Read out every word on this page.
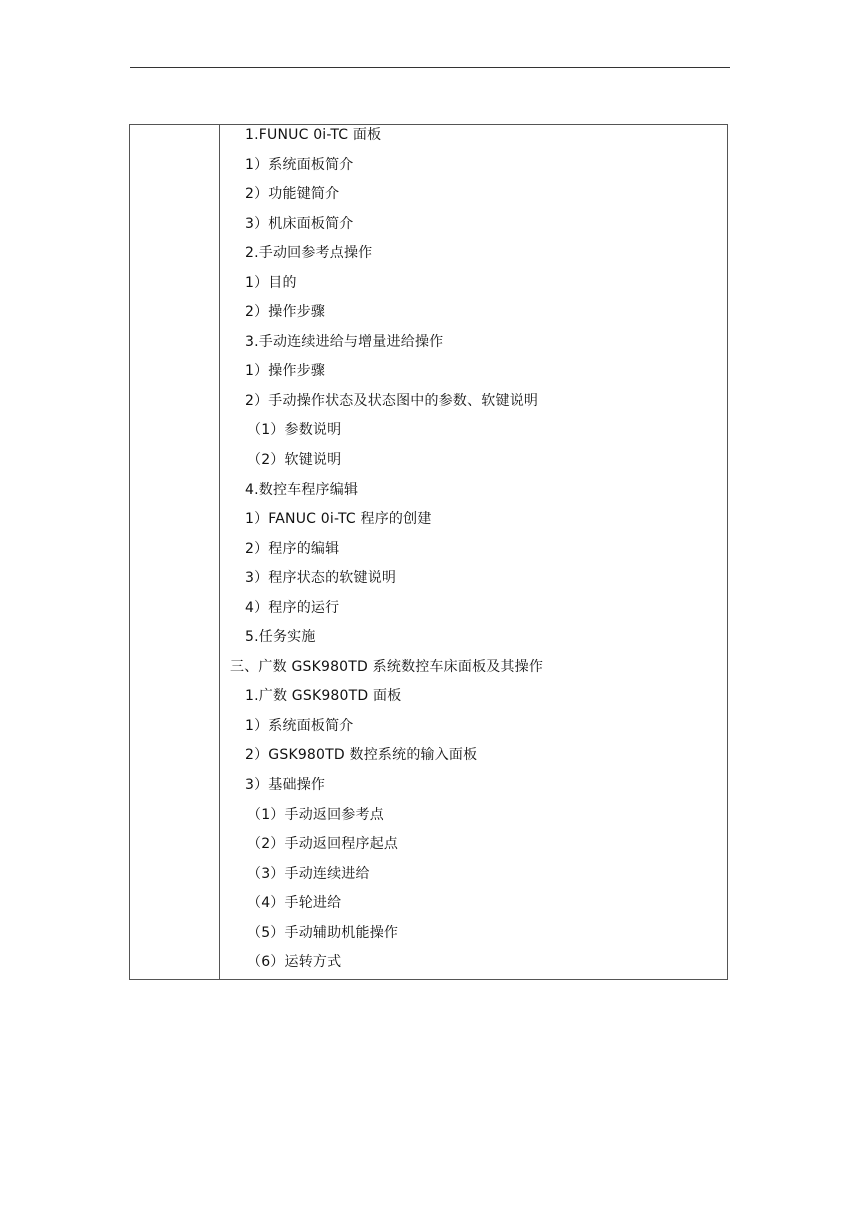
1.FUNUC 0i-TC 面板
1）系统面板简介
2）功能键简介
3）机床面板简介
2.手动回参考点操作
1）目的
2）操作步骤
3.手动连续进给与增量进给操作
1）操作步骤
2）手动操作状态及状态图中的参数、软键说明
（1）参数说明
（2）软键说明
4.数控车程序编辑
1）FANUC 0i-TC 程序的创建
2）程序的编辑
3）程序状态的软键说明
4）程序的运行
5.任务实施
三、广数 GSK980TD 系统数控车床面板及其操作
1.广数 GSK980TD 面板
1）系统面板简介
2）GSK980TD 数控系统的输入面板
3）基础操作
（1）手动返回参考点
（2）手动返回程序起点
（3）手动连续进给
（4）手轮进给
（5）手动辅助机能操作
（6）运转方式
